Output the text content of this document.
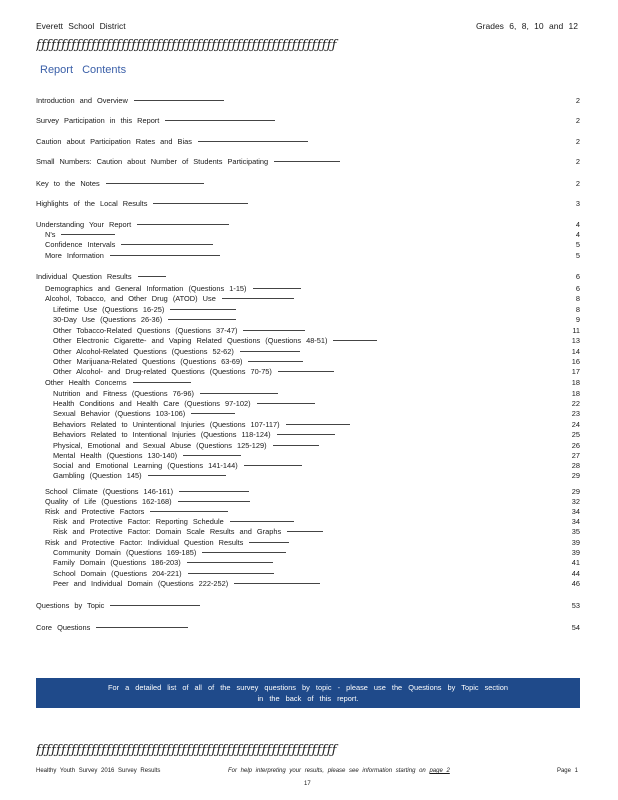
Everett School District	Grades 6, 8, 10 and 12
ƒƒƒƒƒƒƒƒƒƒƒƒƒƒƒƒƒƒƒƒƒƒƒƒƒƒƒƒƒƒƒƒƒƒƒƒƒƒƒƒƒƒƒƒƒƒƒƒƒƒƒƒƒƒƒƒƒƒƒƒ
Report Contents
Introduction and Overview	2
Survey Participation in this Report	2
Caution about Participation Rates and Bias	2
Small Numbers: Caution about Number of Students Participating	2
Key to the Notes	2
Highlights of the Local Results	3
Understanding Your Report	4
N's	4
Confidence Intervals	5
More Information	5
Individual Question Results	6
Demographics and General Information (Questions 1-15)	6
Alcohol, Tobacco, and Other Drug (ATOD) Use	8
Lifetime Use (Questions 16-25)	8
30-Day Use (Questions 26-36)	9
Other Tobacco-Related Questions (Questions 37-47)	11
Other Electronic Cigarette- and Vaping Related Questions (Questions 48-51)	13
Other Alcohol-Related Questions (Questions 52-62)	14
Other Marijuana-Related Questions (Questions 63-69)	16
Other Alcohol- and Drug-related Questions (Questions 70-75)	17
Other Health Concerns	18
Nutrition and Fitness (Questions 76-96)	18
Health Conditions and Health Care (Questions 97-102)	22
Sexual Behavior (Questions 103-106)	23
Behaviors Related to Unintentional Injuries (Questions 107-117)	24
Behaviors Related to Intentional Injuries (Questions 118-124)	25
Physical, Emotional and Sexual Abuse (Questions 125-129)	26
Mental Health (Questions 130-140)	27
Social and Emotional Learning (Questions 141-144)	28
Gambling (Question 145)	29
School Climate (Questions 146-161)	29
Quality of Life (Questions 162-168)	32
Risk and Protective Factors	34
Risk and Protective Factor: Reporting Schedule	34
Risk and Protective Factor: Domain Scale Results and Graphs	35
Risk and Protective Factor: Individual Question Results	39
Community Domain (Questions 169-185)	39
Family Domain (Questions 186-203)	41
School Domain (Questions 204-221)	44
Peer and Individual Domain (Questions 222-252)	46
Questions by Topic	53
Core Questions	54
For a detailed list of all of the survey questions by topic - please use the Questions by Topic section
in the back of this report.
ƒƒƒƒƒƒƒƒƒƒƒƒƒƒƒƒƒƒƒƒƒƒƒƒƒƒƒƒƒƒƒƒƒƒƒƒƒƒƒƒƒƒƒƒƒƒƒƒƒƒƒƒƒƒƒƒƒƒƒƒ
Healthy Youth Survey 2016 Survey Results	For help interpreting your results, please see information starting on page 2	Page 1
17
